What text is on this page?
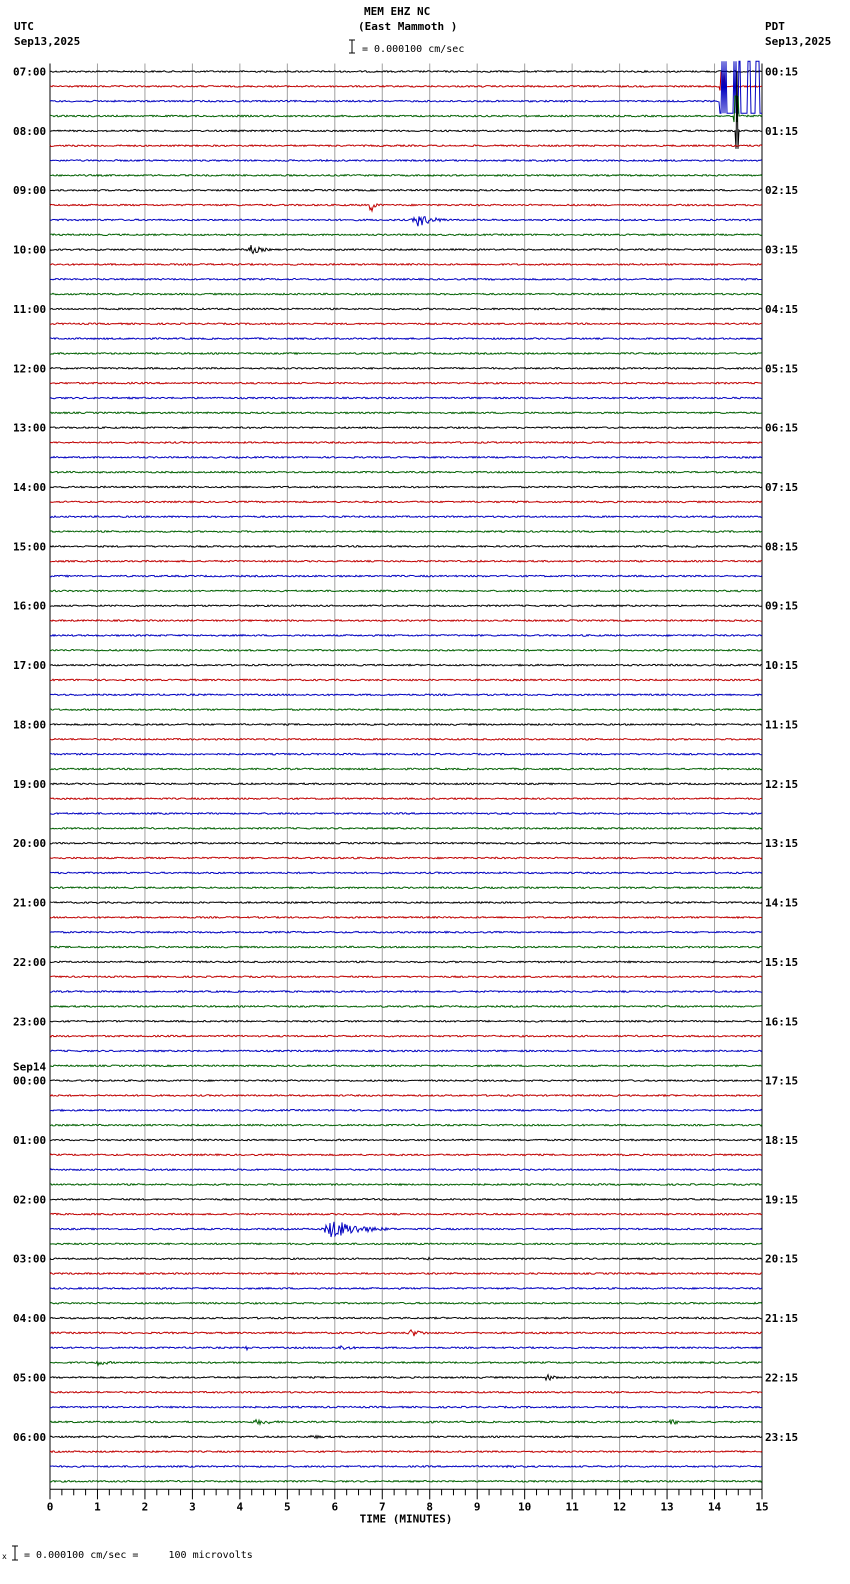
MEM EHZ NC
(East Mammoth )
UTC
Sep13,2025
PDT
Sep13,2025
= 0.000100 cm/sec
x = 0.000100 cm/sec =     100 microvolts
07:00
08:00
09:00
10:00
11:00
12:00
13:00
14:00
15:00
16:00
17:00
18:00
19:00
20:00
21:00
22:00
23:00
00:00
Sep14
01:00
02:00
03:00
04:00
05:00
06:00
00:15
01:15
02:15
03:15
04:15
05:15
06:15
07:15
08:15
09:15
10:15
11:15
12:15
13:15
14:15
15:15
16:15
17:15
18:15
19:15
20:15
21:15
22:15
23:15
0	1	2	3	4	5	6	7	8	9	10	11	12	13	14	15
TIME (MINUTES)
